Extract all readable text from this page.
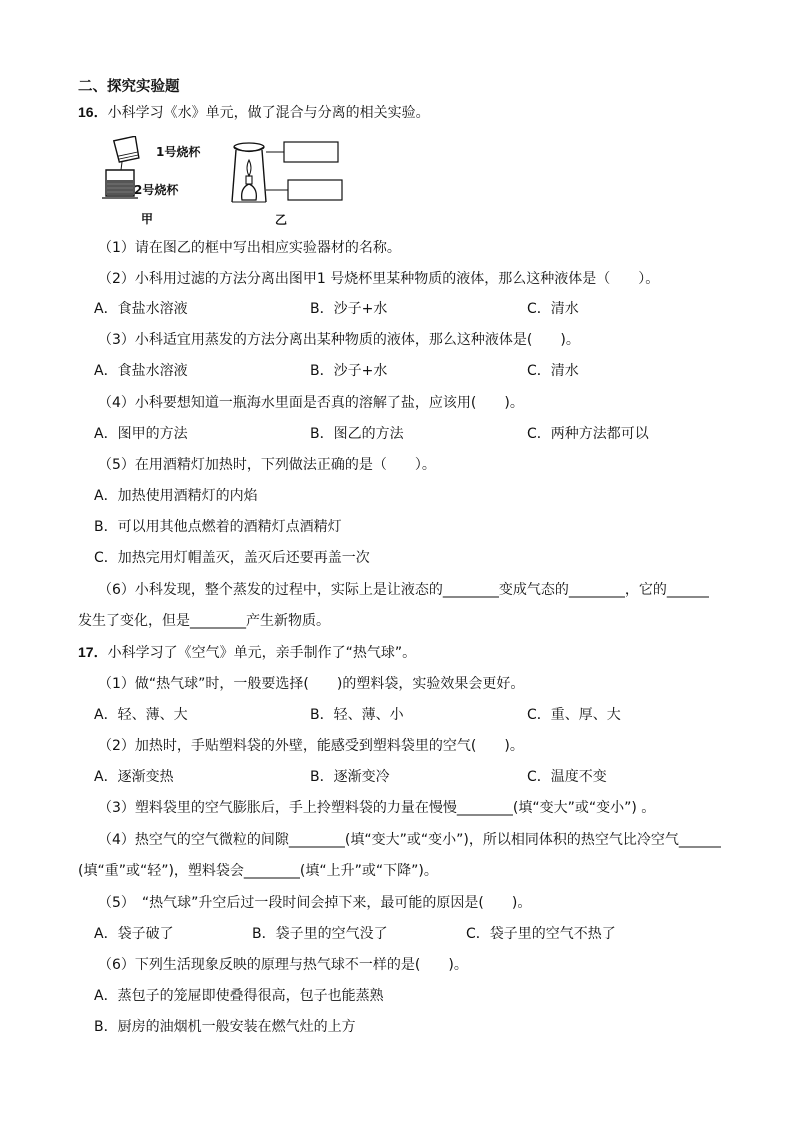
二、探究实验题
16．小科学习《水》单元，做了混合与分离的相关实验。
1号烧杯
2号烧杯
甲	乙
（1）请在图乙的框中写出相应实验器材的名称。
（2）小科用过滤的方法分离出图甲1 号烧杯里某种物质的液体，那么这种液体是（　　）。
A．食盐水溶液	B．沙子+水	C．清水
（3）小科适宜用蒸发的方法分离出某种物质的液体，那么这种液体是(　　)。
A．食盐水溶液	B．沙子+水	C．清水
（4）小科要想知道一瓶海水里面是否真的溶解了盐，应该用(　　)。
A．图甲的方法	B．图乙的方法	C．两种方法都可以
（5）在用酒精灯加热时，下列做法正确的是（　　）。
A．加热使用酒精灯的内焰
B．可以用其他点燃着的酒精灯点酒精灯
C．加热完用灯帽盖灭，盖灭后还要再盖一次
（6）小科发现，整个蒸发的过程中，实际上是让液态的________变成气态的________，它的______
发生了变化，但是________产生新物质。
17．小科学习了《空气》单元，亲手制作了“热气球”。
（1）做“热气球”时，一般要选择(　　)的塑料袋，实验效果会更好。
A．轻、薄、大	B．轻、薄、小	C．重、厚、大
（2）加热时，手贴塑料袋的外壁，能感受到塑料袋里的空气(　　)。
A．逐渐变热	B．逐渐变冷	C．温度不变
（3）塑料袋里的空气膨胀后，手上拎塑料袋的力量在慢慢________(填“变大”或“变小”) 。
（4）热空气的空气微粒的间隙________(填“变大”或“变小”)，所以相同体积的热空气比冷空气______
(填“重”或“轻”)，塑料袋会________(填“上升”或“下降”)。
（5）　“热气球”升空后过一段时间会掉下来，最可能的原因是(　　)。
A．袋子破了	B．袋子里的空气没了	C．袋子里的空气不热了
（6）下列生活现象反映的原理与热气球不一样的是(　　)。
A．蒸包子的笼屉即使叠得很高，包子也能蒸熟
B．厨房的油烟机一般安装在燃气灶的上方
